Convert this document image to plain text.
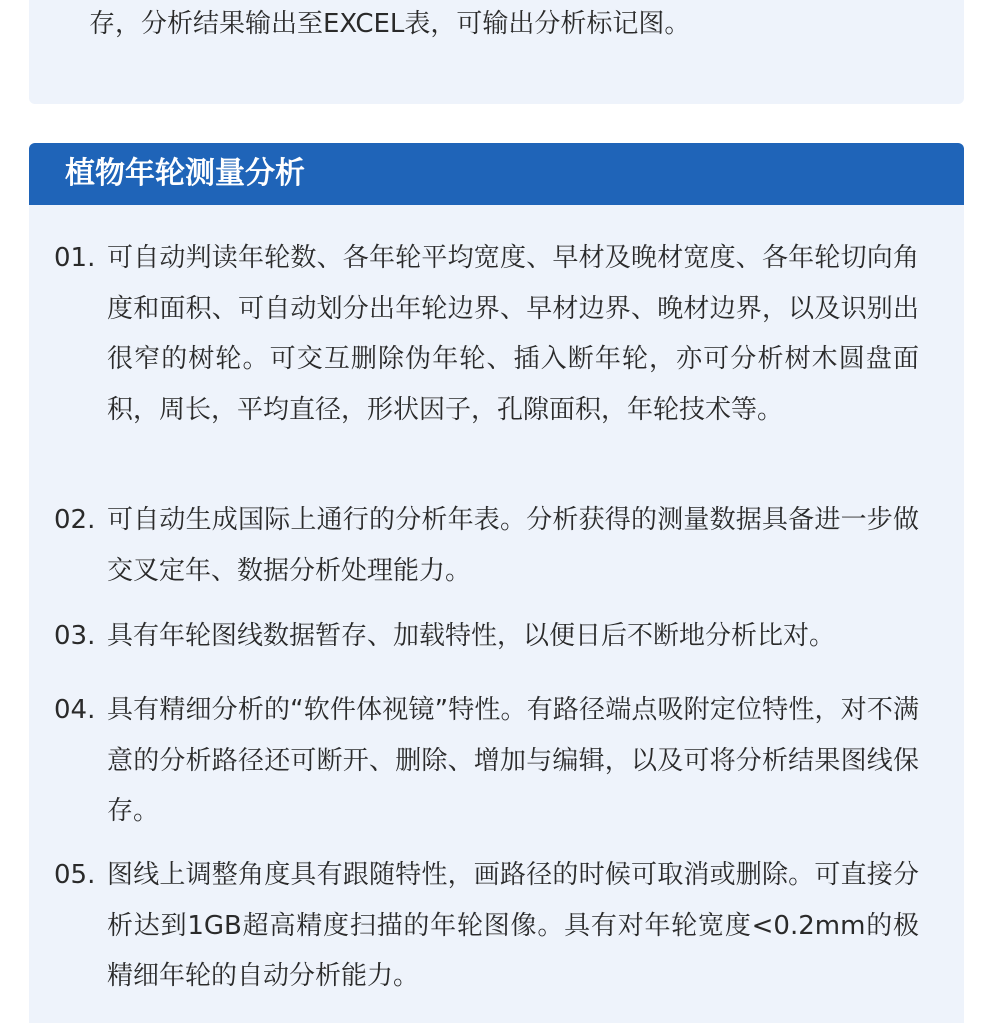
存，分析结果输出至EXCEL表，可输出分析标记图。
植物年轮测量分析
01. 可自动判读年轮数、各年轮平均宽度、早材及晚材宽度、各年轮切向角度和面积、可自动划分出年轮边界、早材边界、晚材边界，以及识别出很窄的树轮。可交互删除伪年轮、插入断年轮，亦可分析树木圆盘面积，周长，平均直径，形状因子，孔隙面积，年轮技术等。
02. 可自动生成国际上通行的分析年表。分析获得的测量数据具备进一步做交叉定年、数据分析处理能力。
03. 具有年轮图线数据暂存、加载特性，以便日后不断地分析比对。
04. 具有精细分析的“软件体视镜”特性。有路径端点吸附定位特性，对不满意的分析路径还可断开、删除、增加与编辑，以及可将分析结果图线保存。
05. 图线上调整角度具有跟随特性，画路径的时候可取消或删除。可直接分析达到1GB超高精度扫描的年轮图像。具有对年轮宽度<0.2mm的极精细年轮的自动分析能力。
